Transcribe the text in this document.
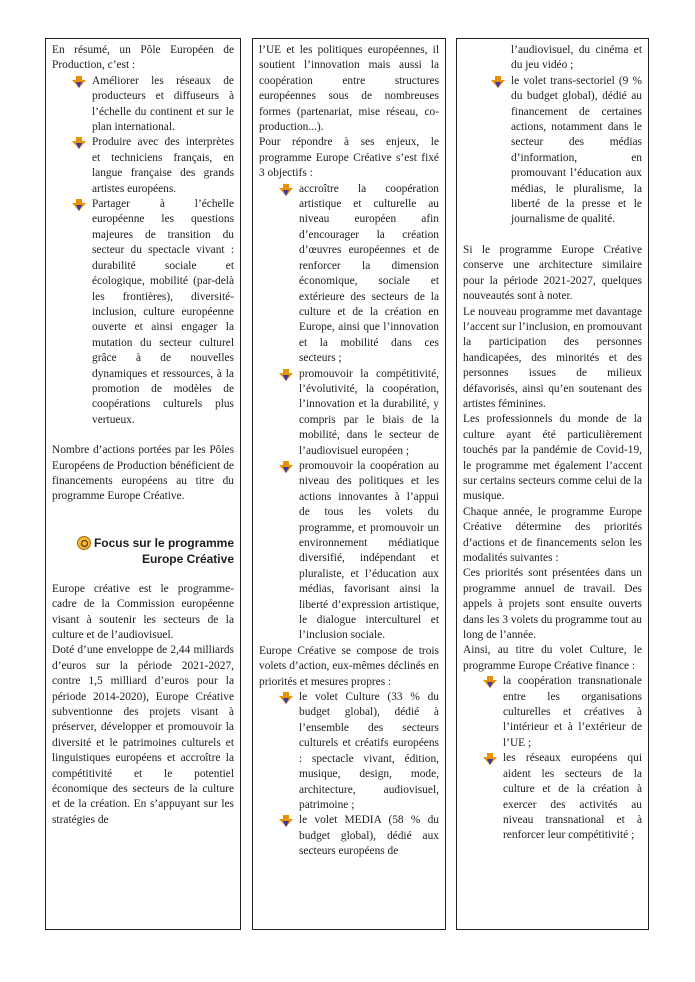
En résumé, un Pôle Européen de Production, c’est :

Améliorer les réseaux de producteurs et diffuseurs à l’échelle du continent et sur le plan international.
Produire avec des interprètes et techniciens français, en langue française des grands artistes européens.
Partager à l’échelle européenne les questions majeures de transition du secteur du spectacle vivant : durabilité sociale et écologique, mobilité (par-delà les frontières), diversité-inclusion, culture européenne ouverte et ainsi engager la mutation du secteur culturel grâce à de nouvelles dynamiques et ressources, à la promotion de modèles de coopérations culturels plus vertueux.

Nombre d’actions portées par les Pôles Européens de Production bénéficient de financements européens au titre du programme Europe Créative.

Focus sur le programme
Europe Créative

Europe créative est le programme-cadre de la Commission européenne visant à soutenir les secteurs de la culture et de l’audiovisuel.

Doté d’une enveloppe de 2,44 milliards d’euros sur la période 2021-2027, contre 1,5 milliard d’euros pour la période 2014-2020), Europe Créative subventionne des projets visant à préserver, développer et promouvoir la diversité et le patrimoines culturels et linguistiques européens et accroître la compétitivité et le potentiel économique des secteurs de la culture et de la création. En s’appuyant sur les stratégies de

l’UE et les politiques européennes, il soutient l’innovation mais aussi la coopération entre structures européennes sous de nombreuses formes (partenariat, mise réseau, co-production...).

Pour répondre à ses enjeux, le programme Europe Créative s’est fixé 3 objectifs :

accroître la coopération artistique et culturelle au niveau européen afin d’encourager la création d’œuvres européennes et de renforcer la dimension économique, sociale et extérieure des secteurs de la culture et de la création en Europe, ainsi que l’innovation et la mobilité dans ces secteurs ;
promouvoir la compétitivité, l’évolutivité, la coopération, l’innovation et la durabilité, y compris par le biais de la mobilité, dans le secteur de l’audiovisuel européen ;
promouvoir la coopération au niveau des politiques et les actions innovantes à l’appui de tous les volets du programme, et promouvoir un environnement médiatique diversifié, indépendant et pluraliste, et l’éducation aux médias, favorisant ainsi la liberté d’expression artistique, le dialogue interculturel et l’inclusion sociale.

Europe Créative se compose de trois volets d’action, eux-mêmes déclinés en priorités et mesures propres :

le volet Culture (33 % du budget global), dédié à l’ensemble des secteurs culturels et créatifs européens : spectacle vivant, édition, musique, design, mode, architecture, audiovisuel, patrimoine ;
le volet MEDIA (58 % du budget global), dédié aux secteurs européens de
l’audiovisuel, du cinéma et du jeu vidéo ;
le volet trans-sectoriel (9 % du budget global), dédié au financement de certaines actions, notamment dans le secteur des médias d’information, en promouvant l’éducation aux médias, le pluralisme, la liberté de la presse et le journalisme de qualité.

Si le programme Europe Créative conserve une architecture similaire pour la période 2021-2027, quelques nouveautés sont à noter.

Le nouveau programme met davantage l’accent sur l’inclusion, en promouvant la participation des personnes handicapées, des minorités et des personnes issues de milieux défavorisés, ainsi qu’en soutenant des artistes féminines.

Les professionnels du monde de la culture ayant été particulièrement touchés par la pandémie de Covid-19, le programme met également l’accent sur certains secteurs comme celui de la musique.

Chaque année, le programme Europe Créative détermine des priorités d’actions et de financements selon les modalités suivantes :

Ces priorités sont présentées dans un programme annuel de travail. Des appels à projets sont ensuite ouverts dans les 3 volets du programme tout au long de l’année.

Ainsi, au titre du volet Culture, le programme Europe Créative finance :

la coopération transnationale entre les organisations culturelles et créatives à l’intérieur et à l’extérieur de l’UE ;
les réseaux européens qui aident les secteurs de la culture et de la création à exercer des activités au niveau transnational et à renforcer leur compétitivité ;
